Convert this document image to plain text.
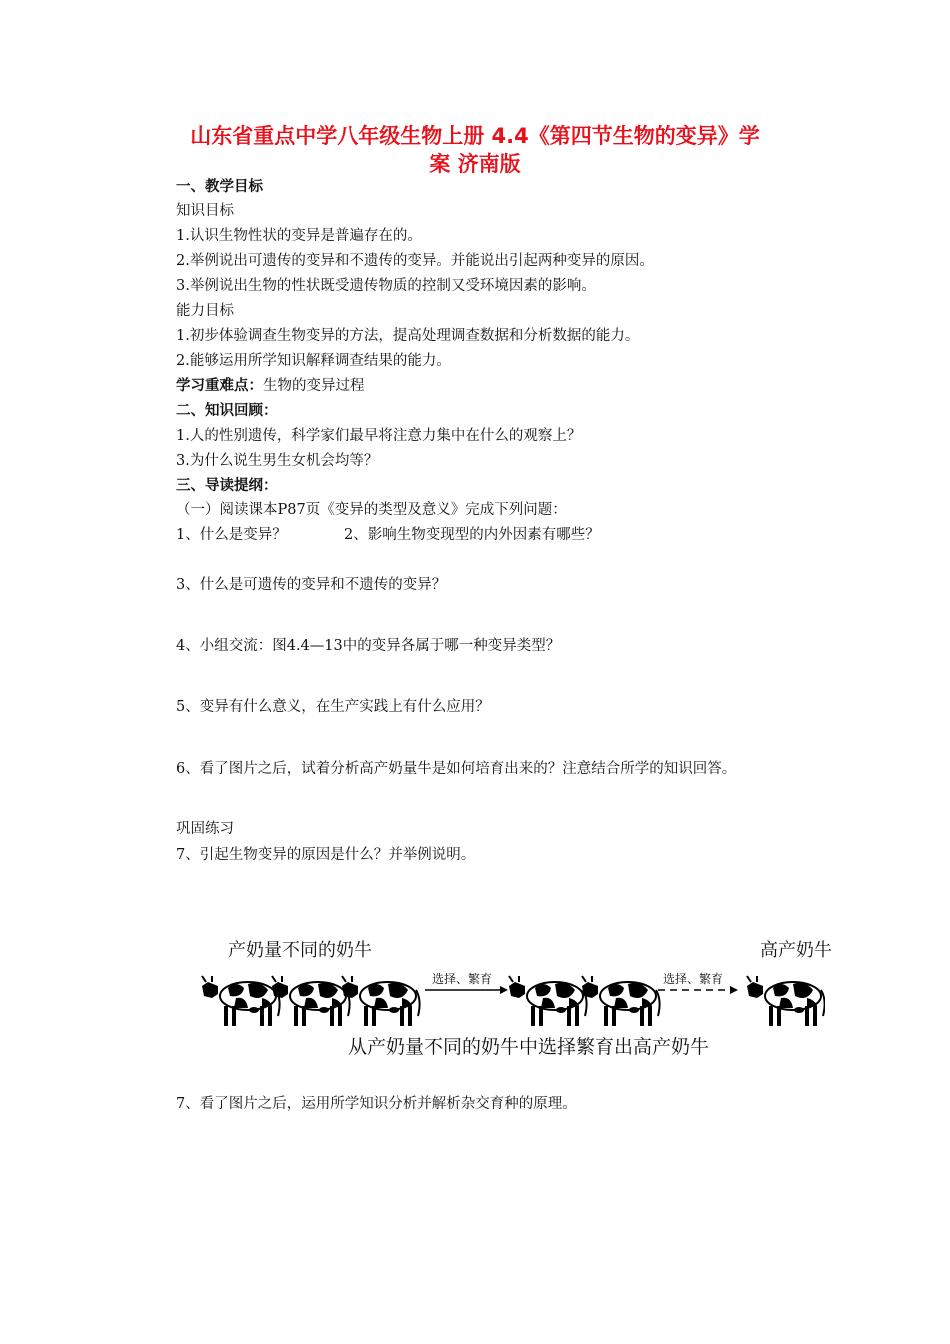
山东省重点中学八年级生物上册 4.4《第四节生物的变异》学
案 济南版
一、教学目标
知识目标
1.认识生物性状的变异是普遍存在的。
2.举例说出可遗传的变异和不遗传的变异。并能说出引起两种变异的原因。
3.举例说出生物的性状既受遗传物质的控制又受环境因素的影响。
能力目标
1.初步体验调查生物变异的方法，提高处理调查数据和分析数据的能力。
2.能够运用所学知识解释调查结果的能力。
学习重难点：生物的变异过程
二、知识回顾：
1.人的性别遗传，科学家们最早将注意力集中在什么的观察上？
3.为什么说生男生女机会均等？
三、导读提纲：
（一）阅读课本P87页《变异的类型及意义》完成下列问题：
1、什么是变异？	2、影响生物变现型的内外因素有哪些？
3、什么是可遗传的变异和不遗传的变异？
4、小组交流：图4.4—13中的变异各属于哪一种变异类型？
5、变异有什么意义，在生产实践上有什么应用？
6、看了图片之后，试着分析高产奶量牛是如何培育出来的？注意结合所学的知识回答。
巩固练习
7、引起生物变异的原因是什么？并举例说明。
产奶量不同的奶牛	高产奶牛
选择、繁育	选择、繁育
从产奶量不同的奶牛中选择繁育出高产奶牛
7、看了图片之后，运用所学知识分析并解析杂交育种的原理。
